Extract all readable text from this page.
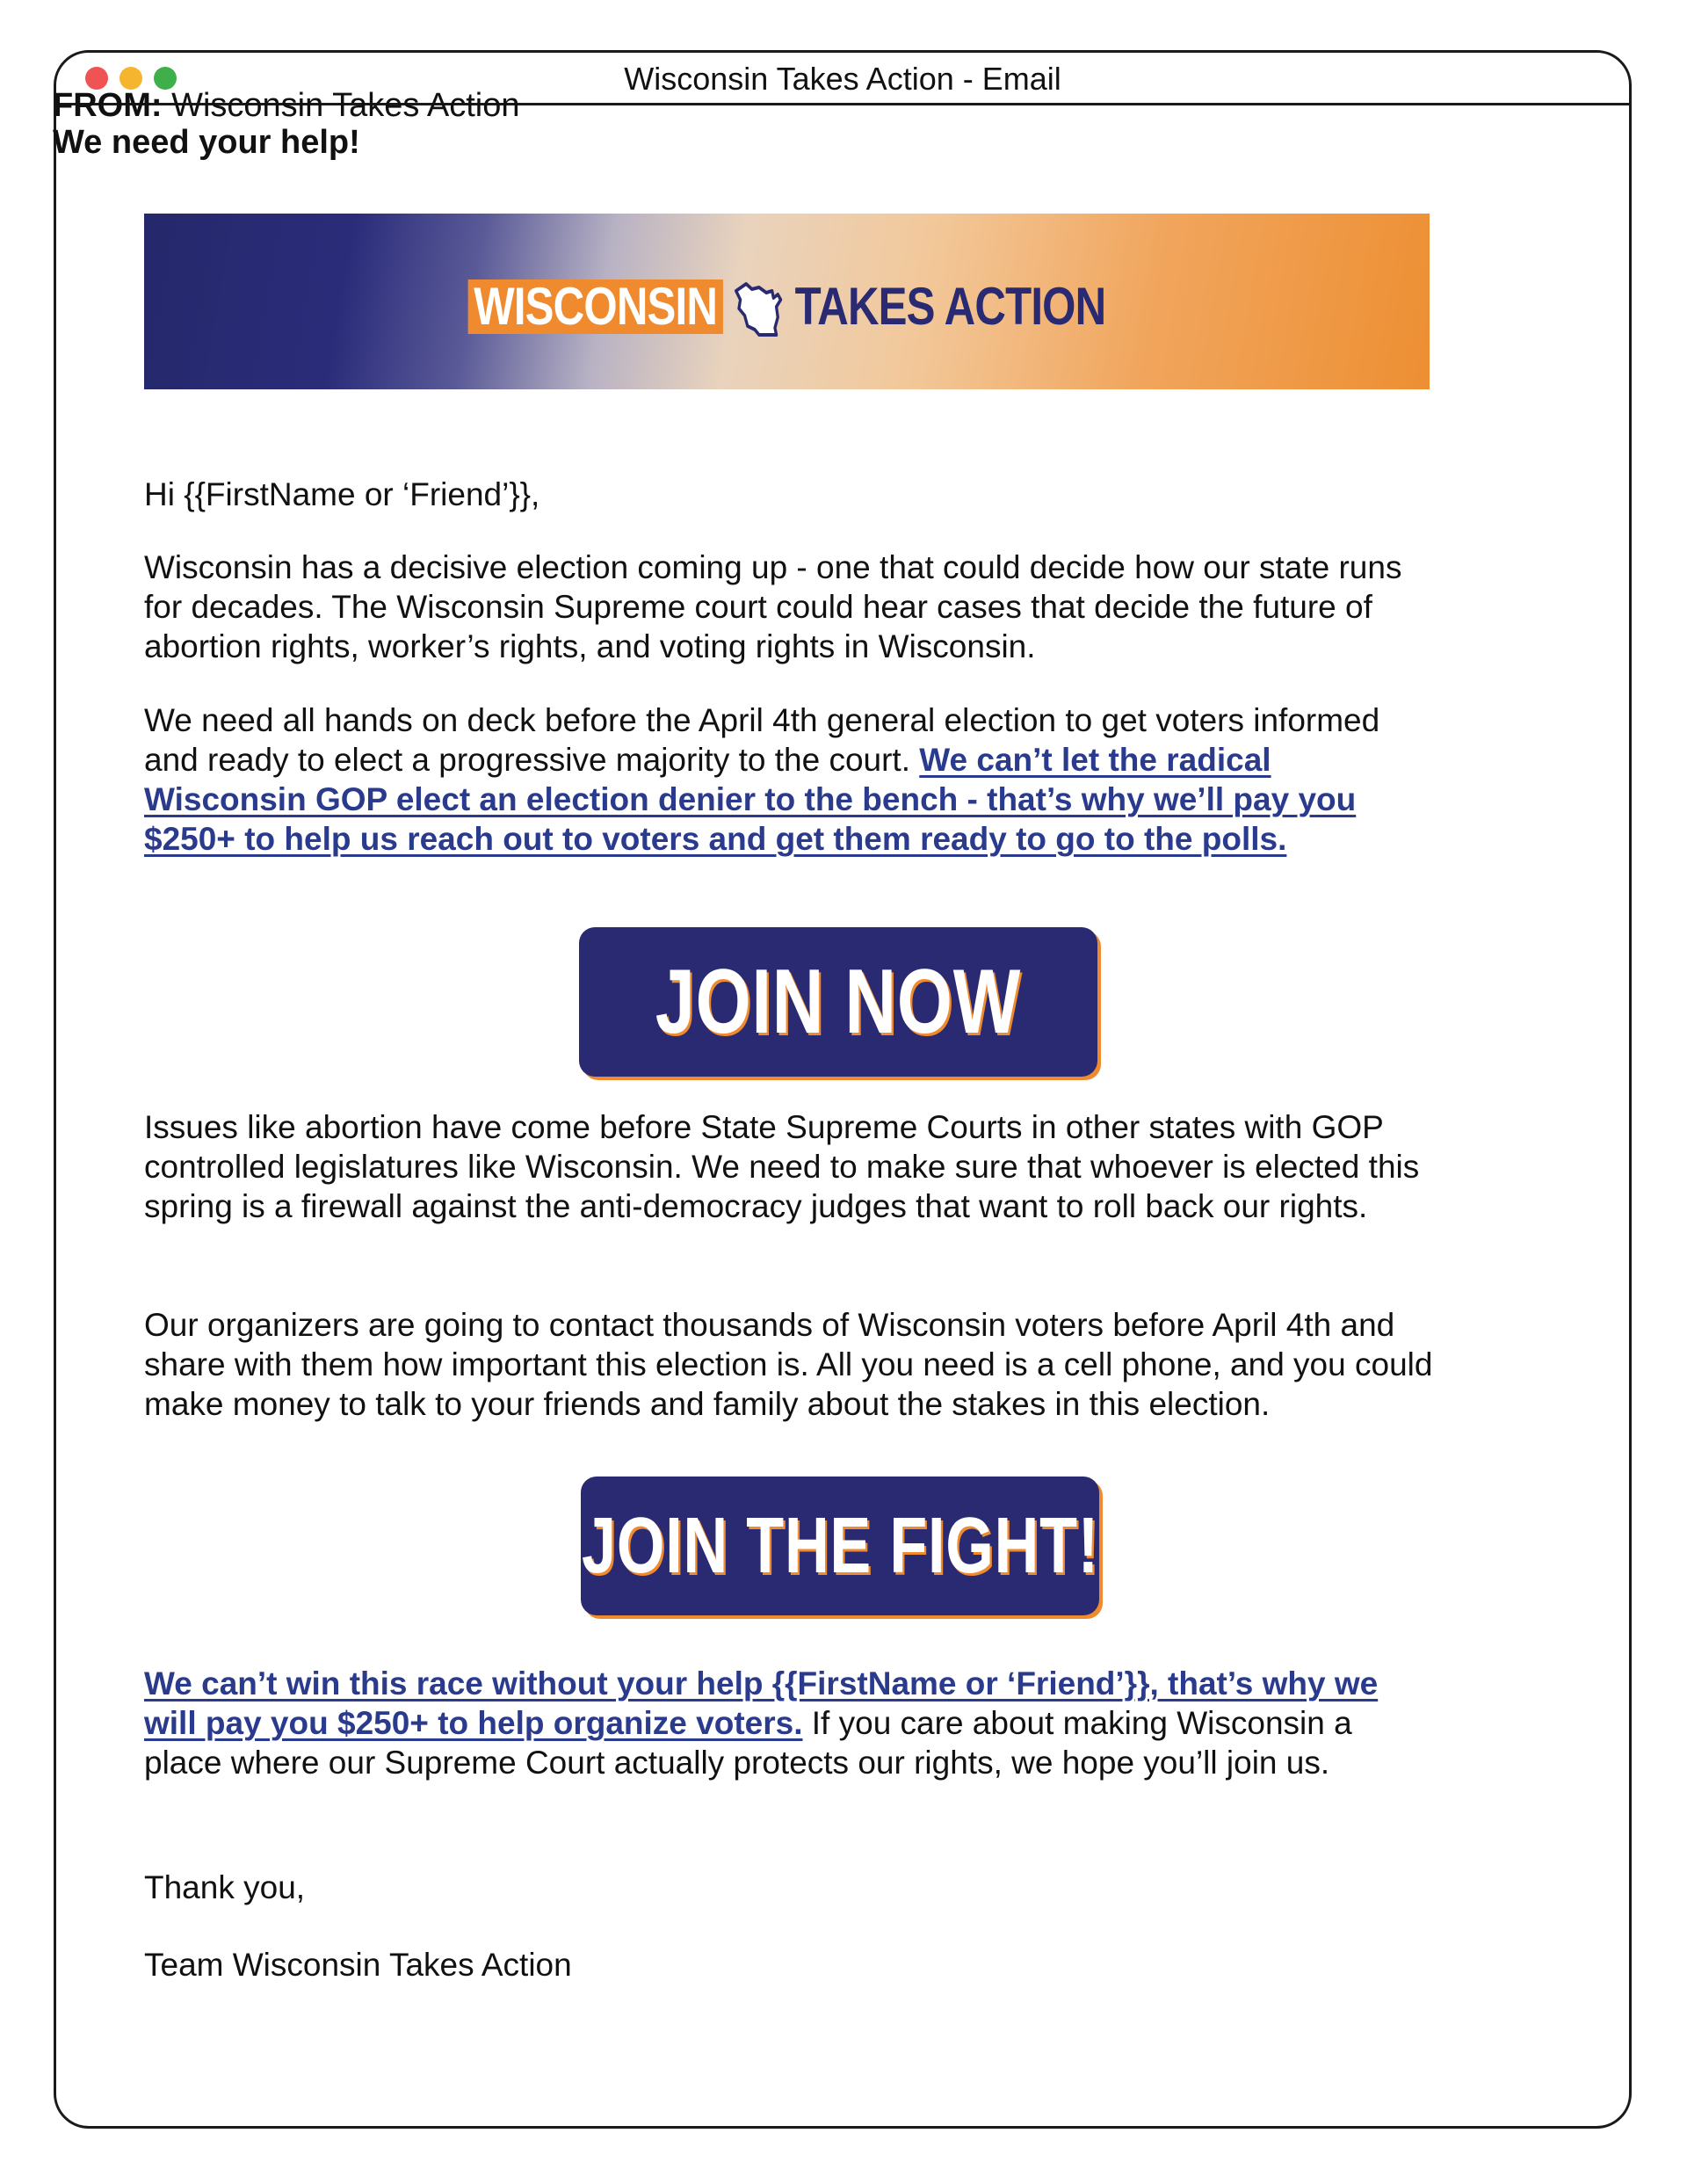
Wisconsin Takes Action - Email
FROM: Wisconsin Takes Action
We need your help!
WISCONSIN TAKES ACTION

Hi {{FirstName or ‘Friend’}},

Wisconsin has a decisive election coming up - one that could decide how our state runs for decades. The Wisconsin Supreme court could hear cases that decide the future of abortion rights, worker’s rights, and voting rights in Wisconsin.

We need all hands on deck before the April 4th general election to get voters informed and ready to elect a progressive majority to the court. We can’t let the radical Wisconsin GOP elect an election denier to the bench - that’s why we’ll pay you $250+ to help us reach out to voters and get them ready to go to the polls.

JOIN NOW

Issues like abortion have come before State Supreme Courts in other states with GOP controlled legislatures like Wisconsin. We need to make sure that whoever is elected this spring is a firewall against the anti-democracy judges that want to roll back our rights.

Our organizers are going to contact thousands of Wisconsin voters before April 4th and share with them how important this election is. All you need is a cell phone, and you could make money to talk to your friends and family about the stakes in this election.

JOIN THE FIGHT!

We can’t win this race without your help {{FirstName or ‘Friend’}}, that’s why we will pay you $250+ to help organize voters. If you care about making Wisconsin a place where our Supreme Court actually protects our rights, we hope you’ll join us.

Thank you,

Team Wisconsin Takes Action
